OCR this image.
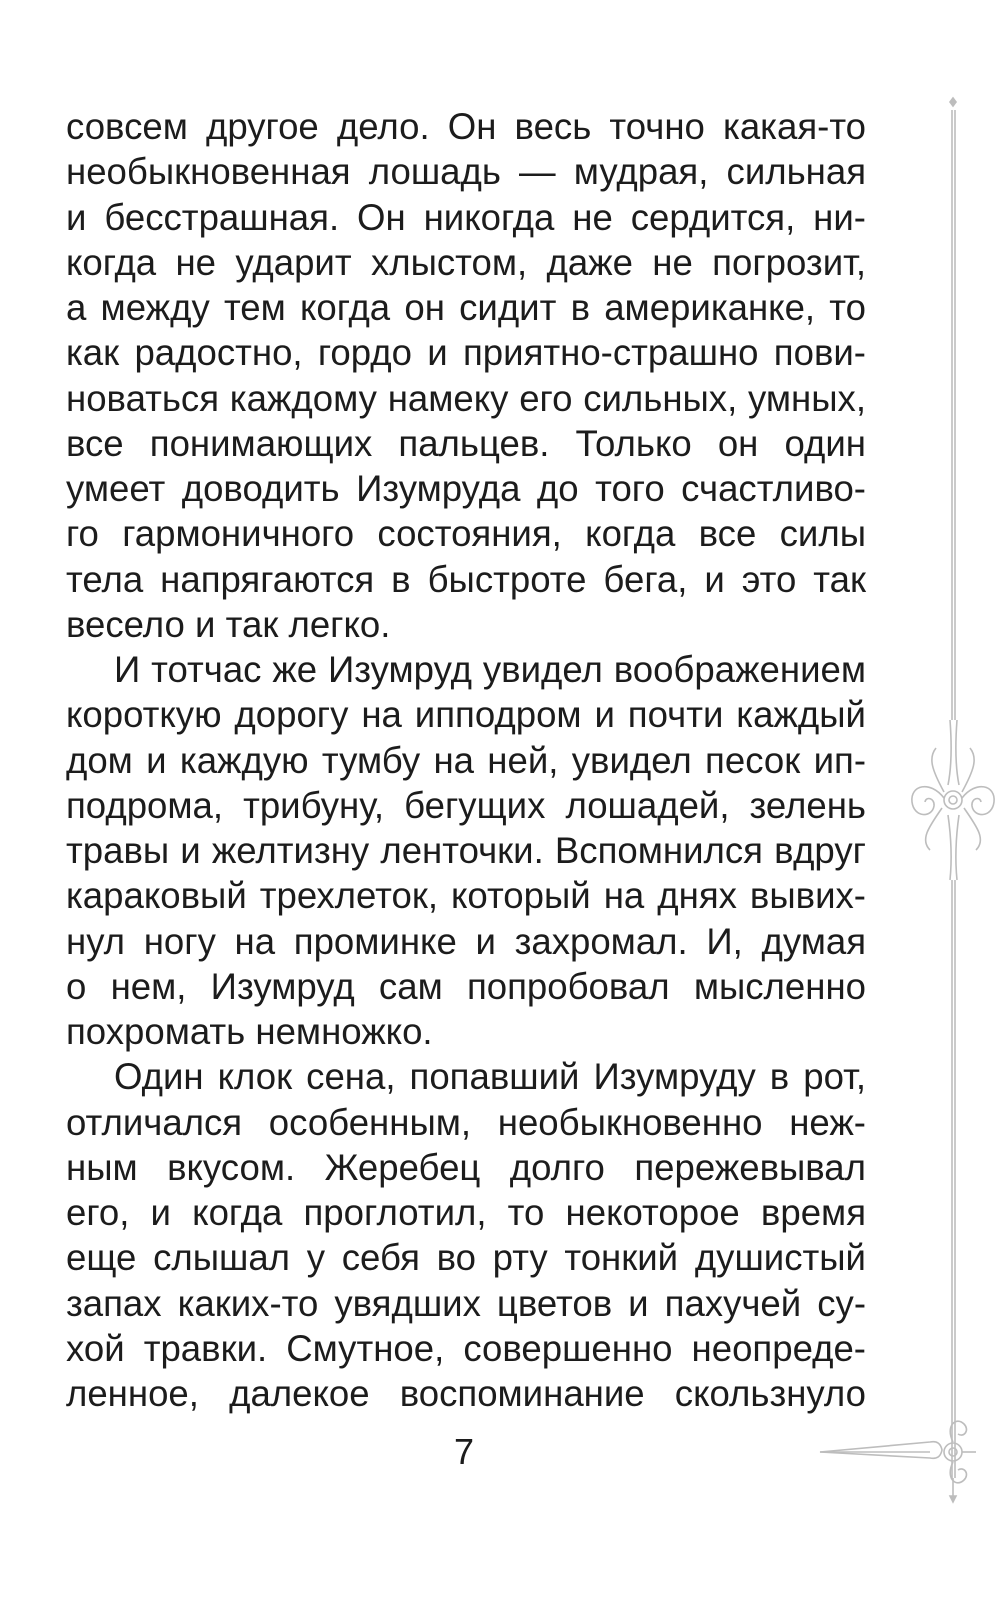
совсем другое дело. Он весь точно какая-то
необыкновенная лошадь — мудрая, сильная
и бесстрашная. Он никогда не сердится, ни-
когда не ударит хлыстом, даже не погрозит,
а между тем когда он сидит в американке, то
как радостно, гордо и приятно-страшно пови-
новаться каждому намеку его сильных, умных,
все понимающих пальцев. Только он один
умеет доводить Изумруда до того счастливо-
го гармоничного состояния, когда все силы
тела напрягаются в быстроте бега, и это так
весело и так легко.
И тотчас же Изумруд увидел воображением
короткую дорогу на ипподром и почти каждый
дом и каждую тумбу на ней, увидел песок ип-
подрома, трибуну, бегущих лошадей, зелень
травы и желтизну ленточки. Вспомнился вдруг
караковый трехлеток, который на днях вывих-
нул ногу на проминке и захромал. И, думая
о нем, Изумруд сам попробовал мысленно
похромать немножко.
Один клок сена, попавший Изумруду в рот,
отличался особенным, необыкновенно неж-
ным вкусом. Жеребец долго пережевывал
его, и когда проглотил, то некоторое время
еще слышал у себя во рту тонкий душистый
запах каких-то увядших цветов и пахучей су-
хой травки. Смутное, совершенно неопреде-
ленное, далекое воспоминание скользнуло
7
